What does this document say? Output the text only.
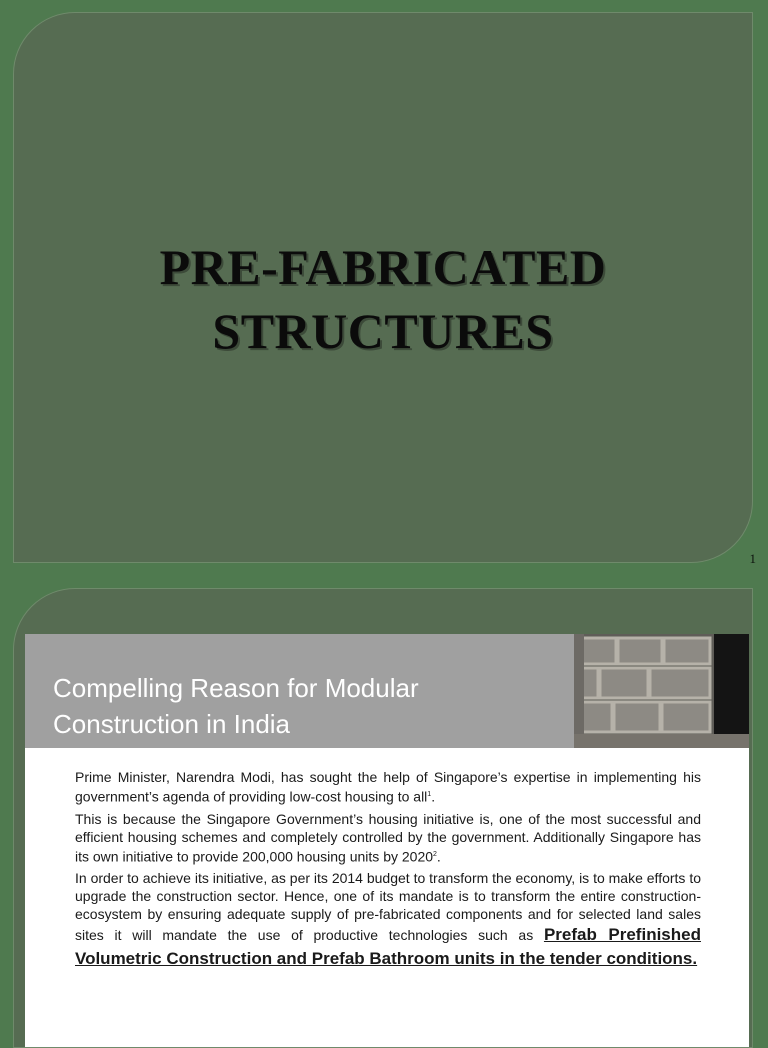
PRE-FABRICATED
STRUCTURES
1
Compelling Reason for Modular
Construction in India

Prime Minister, Narendra Modi, has sought the help of Singapore’s expertise in implementing his government’s agenda of providing low-cost housing to all$^1$.

This is because the Singapore Government’s housing initiative is, one of the most successful and efficient housing schemes and completely controlled by the government. Additionally Singapore has its own initiative to provide 200,000 housing units by 2020$^2$.

In order to achieve its initiative, as per its 2014 budget to transform the economy, is to make efforts to upgrade the construction sector. Hence, one of its mandate is to transform the entire construction-ecosystem by ensuring adequate supply of pre-fabricated components and for selected land sales sites it will mandate the use of productive technologies such as Prefab Prefinished Volumetric Construction and Prefab Bathroom units in the tender conditions.
